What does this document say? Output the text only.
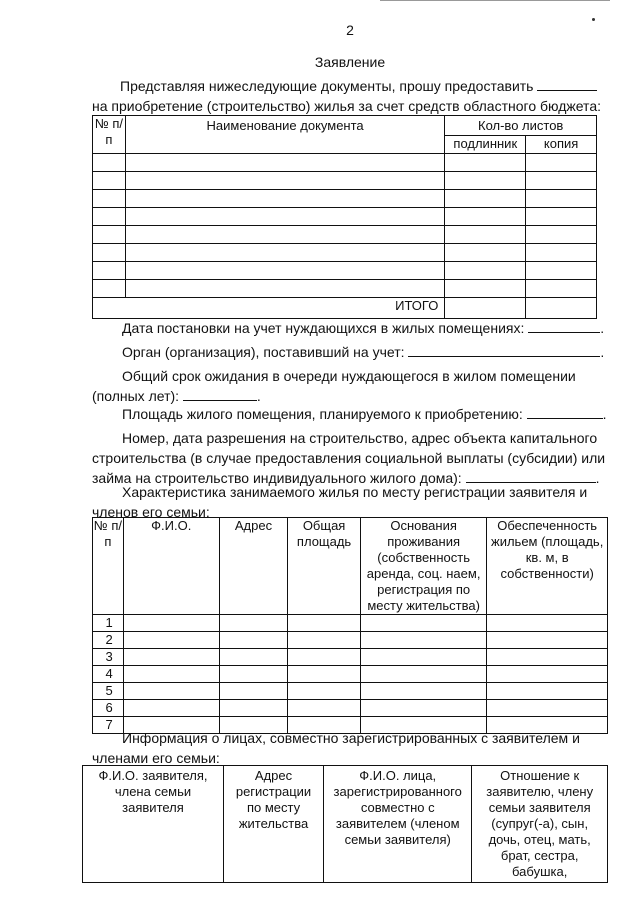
2
Заявление
Представляя нижеследующие документы, прошу предоставить
на приобретение (строительство) жилья за счет средств областного бюджета:
№ п/п	Наименование документа	Кол-во листов	
		подлинник	копия

ИТОГО			
Дата постановки на учет нуждающихся в жилых помещениях:	.
Орган (организация), поставивший на учет:	.
Общий срок ожидания в очереди нуждающегося в жилом помещении
(полных лет):	.
Площадь жилого помещения, планируемого к приобретению:	.
Номер, дата разрешения на строительство, адрес объекта капитального
строительства (в случае предоставления социальной выплаты (субсидии) или
займа на строительство индивидуального жилого дома):	.
Характеристика занимаемого жилья по месту регистрации заявителя и
членов его семьи:
№ п/п	Ф.И.О.	Адрес	Общая площадь	Основания проживания (собственность аренда, соц. наем, регистрация по месту жительства)	Обеспеченность жильем (площадь, кв. м, в собственности)
1					
2					
3					
4					
5					
6					
7					
Информация о лицах, совместно зарегистрированных с заявителем и
членами его семьи:
Ф.И.О. заявителя, члена семьи заявителя	Адрес регистрации по месту жительства	Ф.И.О. лица, зарегистрированного совместно с заявителем (членом семьи заявителя)	Отношение к заявителю, члену семьи заявителя (супруг(-а), сын, дочь, отец, мать, брат, сестра, бабушка,
